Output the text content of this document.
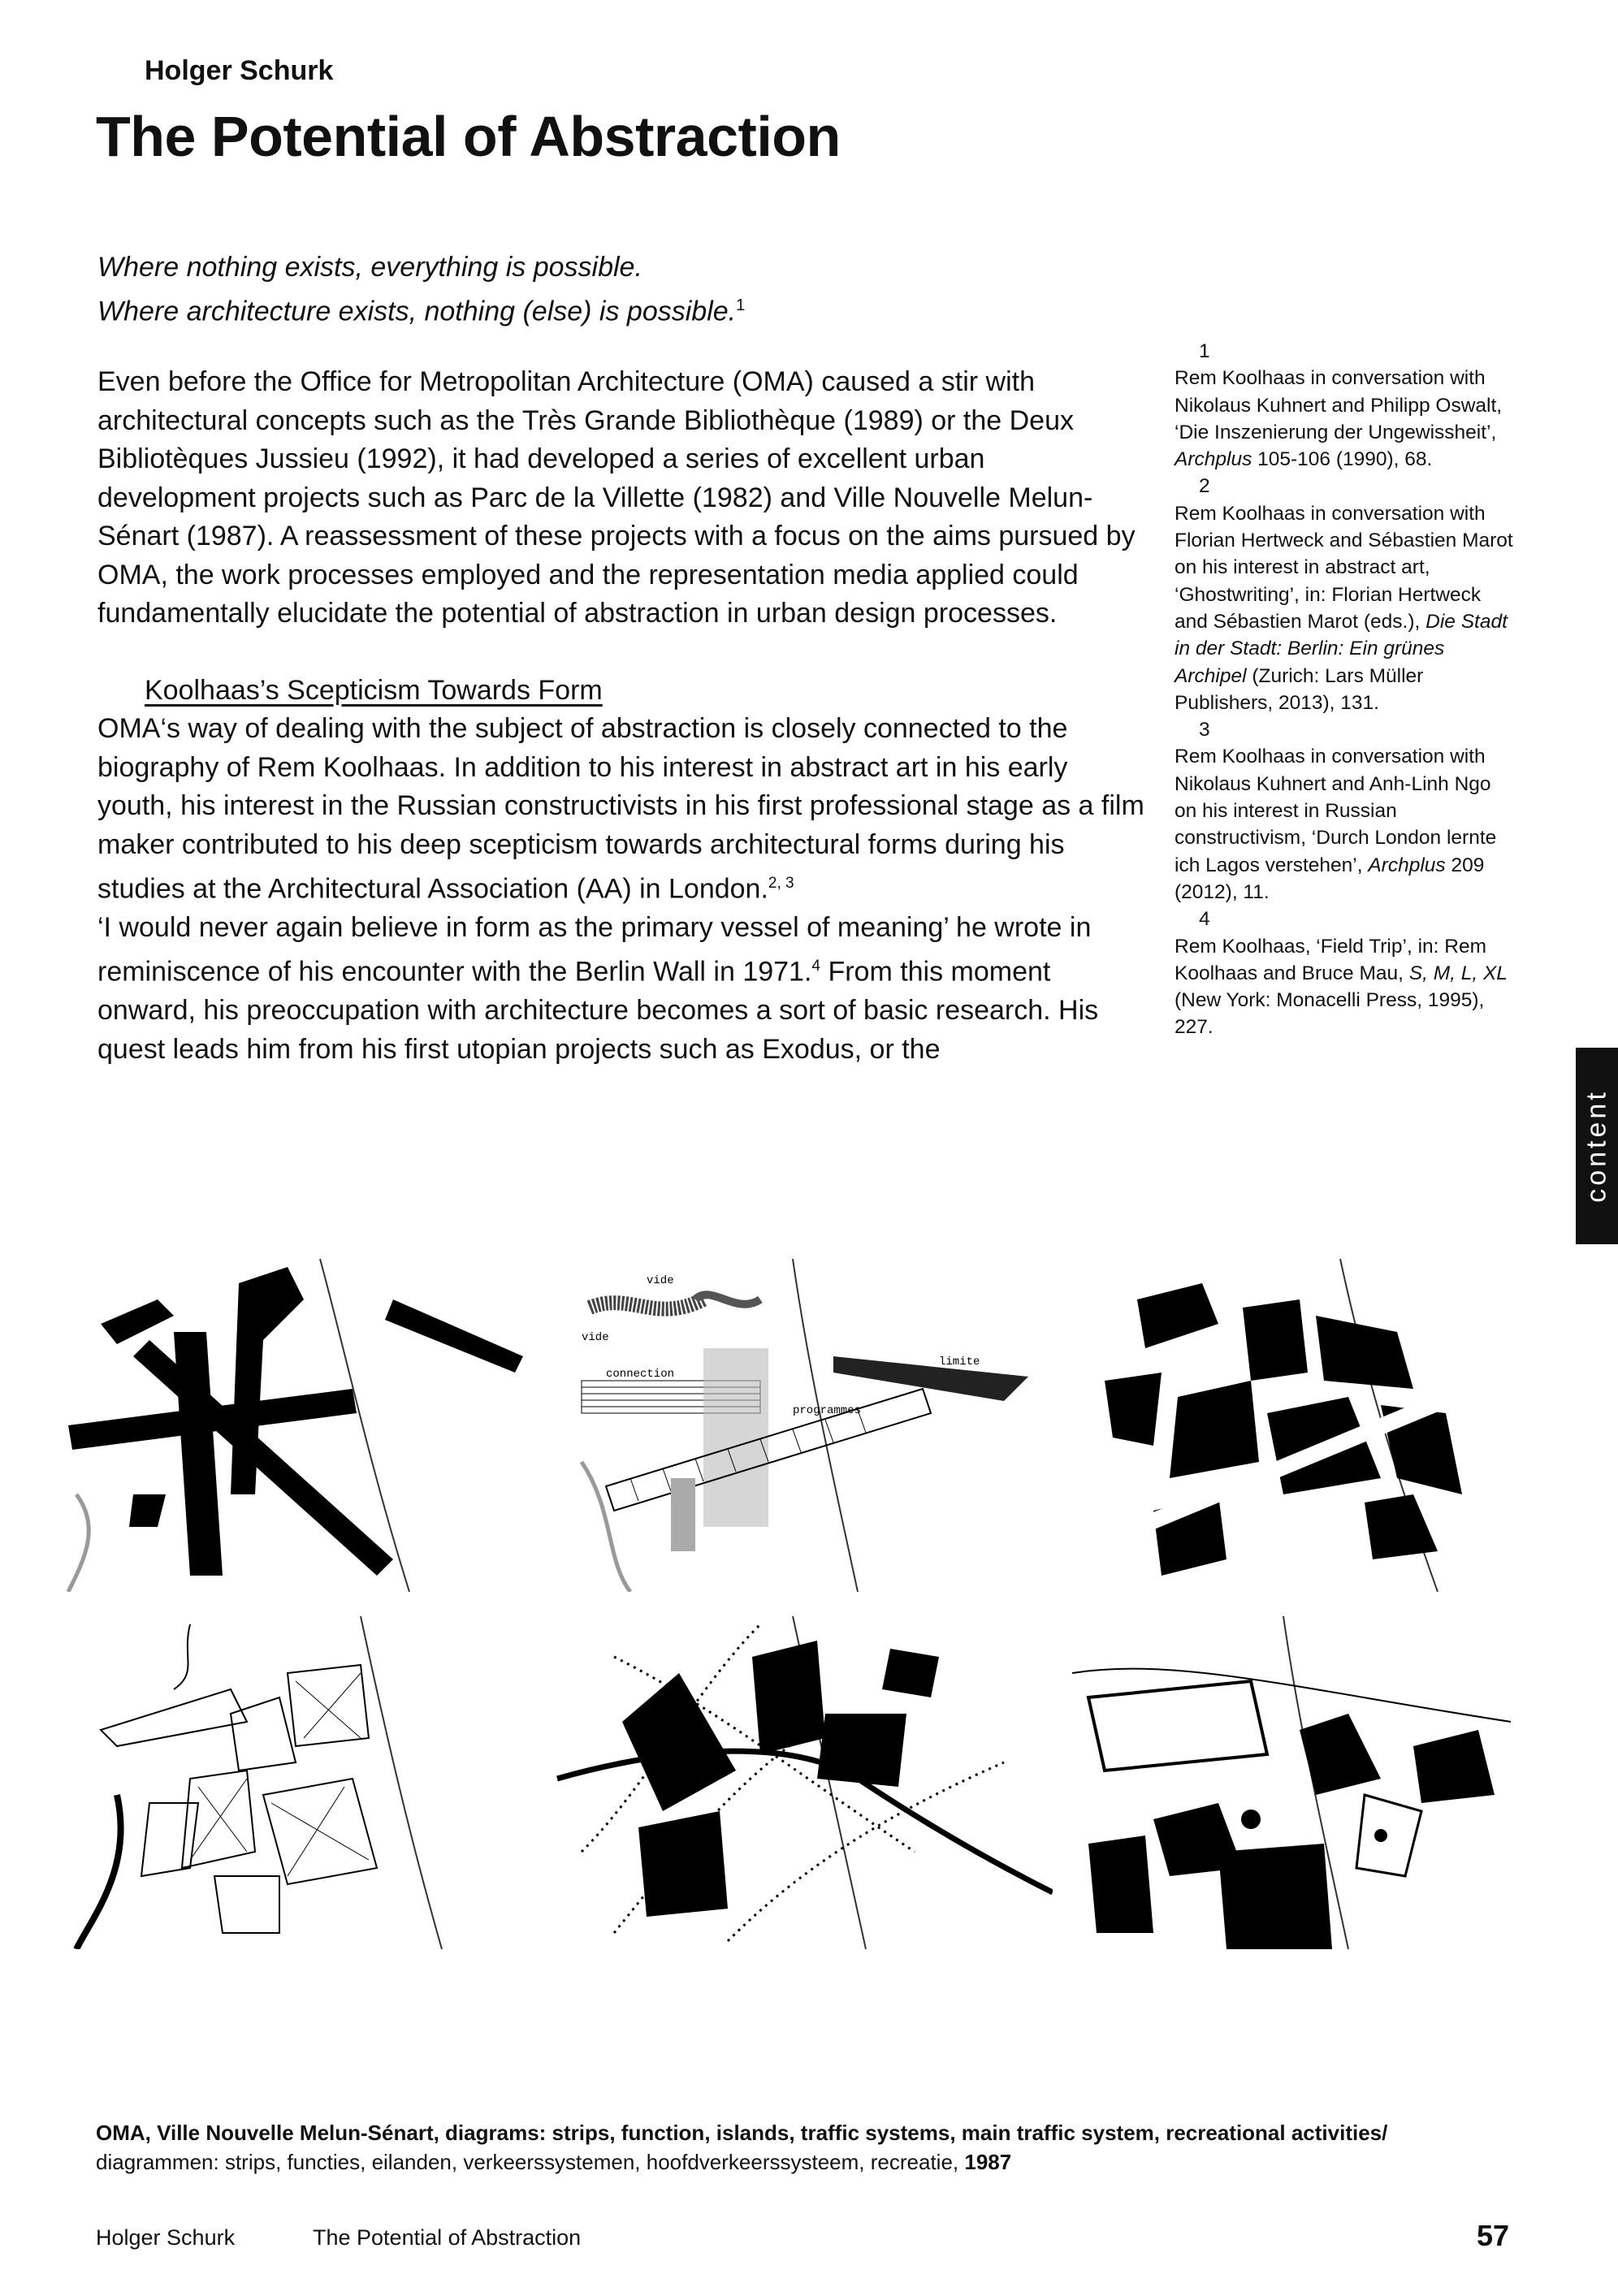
Holger Schurk
The Potential of Abstraction
Where nothing exists, everything is possible.
Where architecture exists, nothing (else) is possible.$^1$

Even before the Office for Metropolitan Architecture (OMA) caused a stir with architectural concepts such as the Très Grande Bibliothèque (1989) or the Deux Bibliotèques Jussieu (1992), it had developed a series of excellent urban development projects such as Parc de la Villette (1982) and Ville Nouvelle Melun-Sénart (1987). A reassessment of these projects with a focus on the aims pursued by OMA, the work processes employed and the representation media applied could fundamentally elucidate the potential of abstraction in urban design processes.

Koolhaas’s Scepticism Towards Form

OMA‘s way of dealing with the subject of abstraction is closely connected to the biography of Rem Koolhaas. In addition to his interest in abstract art in his early youth, his interest in the Russian constructivists in his first professional stage as a film maker contributed to his deep scepticism towards architectural forms during his studies at the Architectural Association (AA) in London.$^{2, 3}$
‘I would never again believe in form as the primary vessel of meaning’ he wrote in reminiscence of his encounter with the Berlin Wall in 1971.$^4$ From this moment onward, his preoccupation with architecture becomes a sort of basic research. His quest leads him from his first utopian projects such as Exodus, or the

1
Rem Koolhaas in conversation with Nikolaus Kuhnert and Philipp Oswalt, ‘Die Inszenierung der Ungewissheit’, Archplus 105-106 (1990), 68.
2
Rem Koolhaas in conversation with Florian Hertweck and Sébastien Marot on his interest in abstract art, ‘Ghostwriting’, in: Florian Hertweck and Sébastien Marot (eds.), Die Stadt in der Stadt: Berlin: Ein grünes Archipel (Zurich: Lars Müller Publishers, 2013), 131.
3
Rem Koolhaas in conversation with Nikolaus Kuhnert and Anh-Linh Ngo on his interest in Russian constructivism, ‘Durch London lernte ich Lagos verstehen’, Archplus 209 (2012), 11.
4
Rem Koolhaas, ‘Field Trip’, in: Rem Koolhaas and Bruce Mau, S, M, L, XL (New York: Monacelli Press, 1995), 227.
content
vide
limite
connection
programmes
vide
OMA, Ville Nouvelle Melun-Sénart, diagrams: strips, function, islands, traffic systems, main traffic system, recreational activities/
diagrammen: strips, functies, eilanden, verkeerssystemen, hoofdverkeerssysteem, recreatie, 1987
Holger Schurk	The Potential of Abstraction	57
